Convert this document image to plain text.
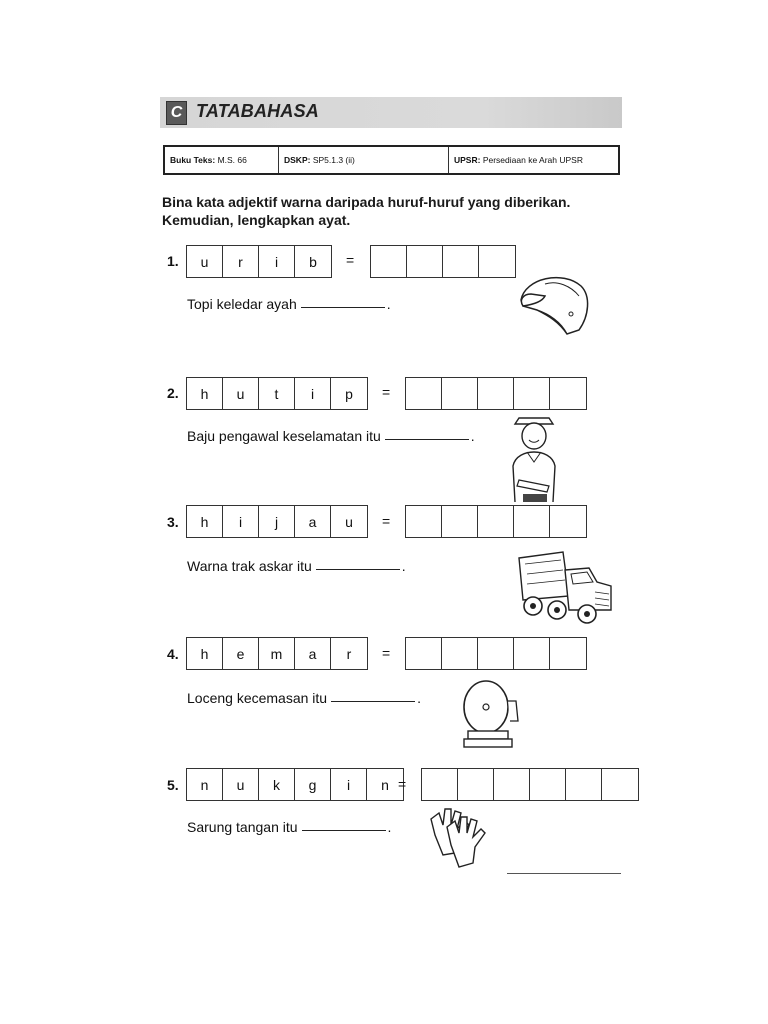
C TATABAHASA
Buku Teks: M.S. 66	DSKP: SP5.1.3 (ii)	UPSR: Persediaan ke Arah UPSR
Bina kata adjektif warna daripada huruf-huruf yang diberikan. Kemudian, lengkapkan ayat.
1.	u	r	i	b	=
Topi keledar ayah	.
2.	h	u	t	i	p	=
Baju pengawal keselamatan itu	.
3.	h	i	j	a	u	=
Warna trak askar itu	.
4.	h	e	m	a	r	=
Loceng kecemasan itu	.
5.	n	u	k	g	i	n =
Sarung tangan itu	.
